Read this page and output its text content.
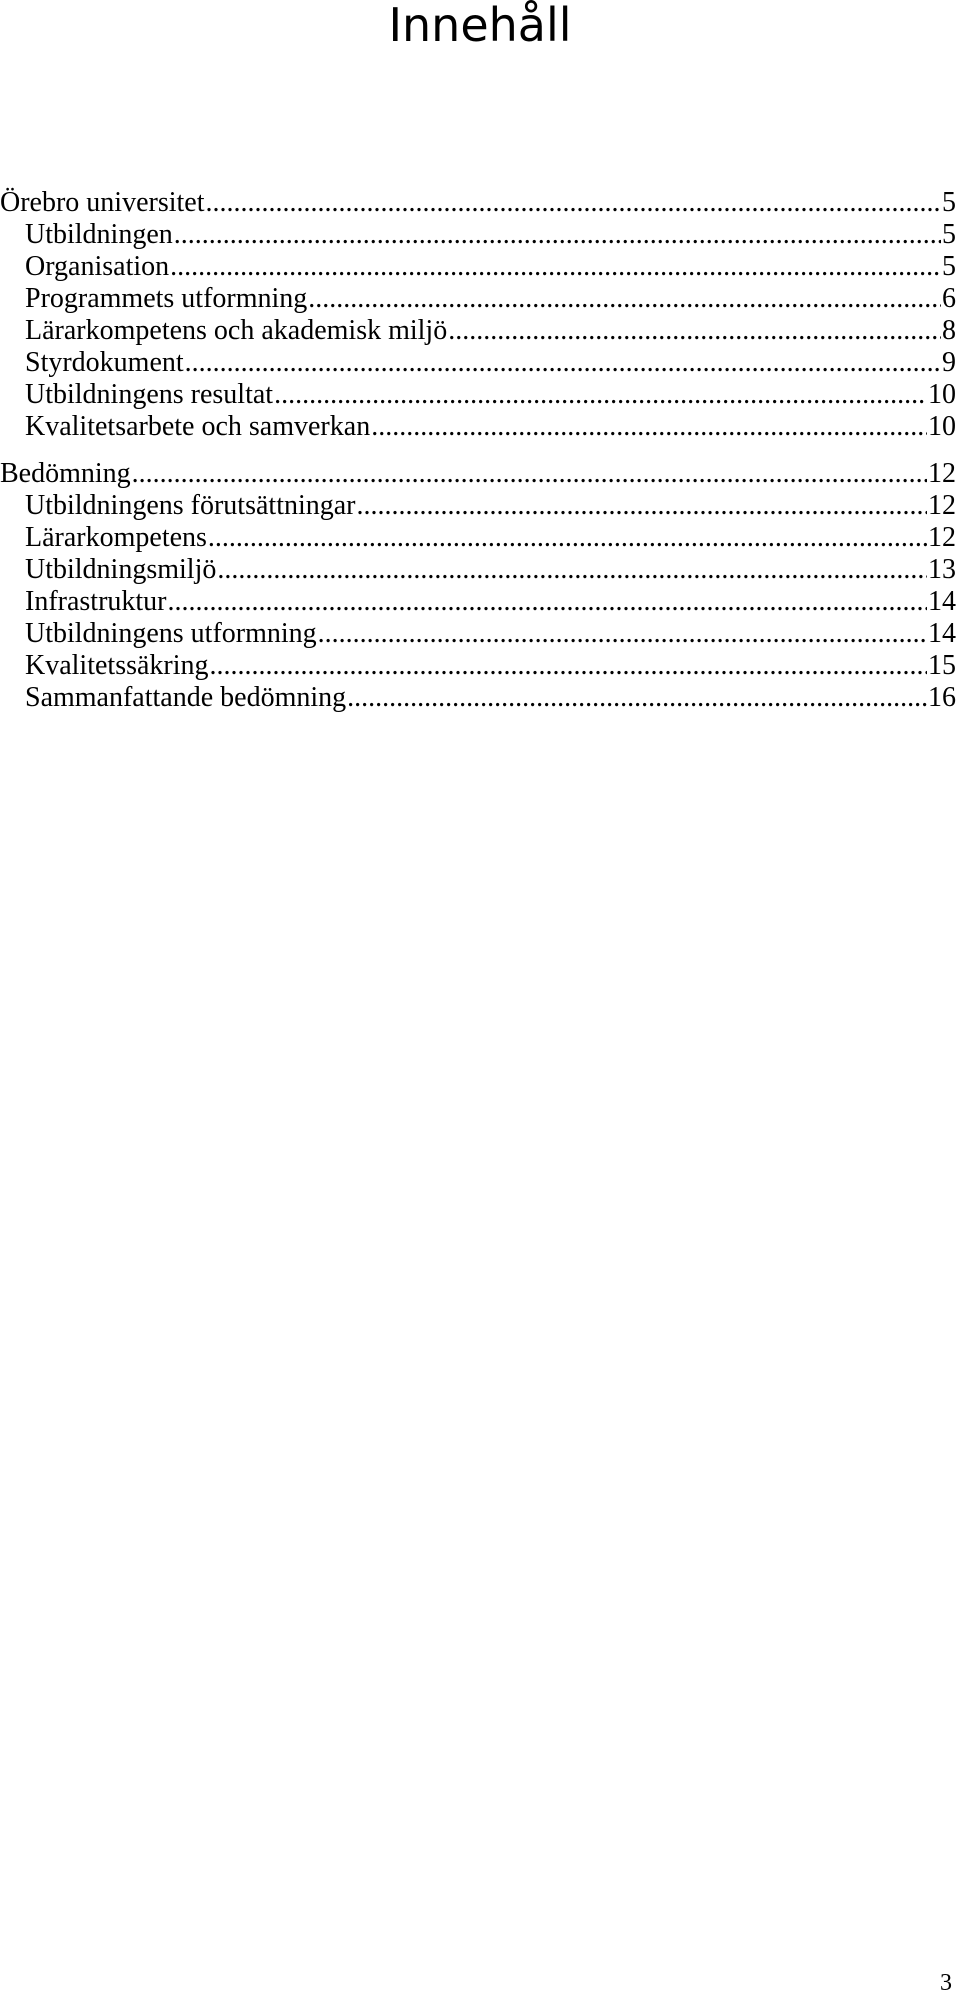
Innehåll
Örebro universitet .....	5
Utbildningen .....	5
Organisation .....	5
Programmets utformning .....	6
Lärarkompetens och akademisk miljö .....	8
Styrdokument .....	9
Utbildningens resultat .....	10
Kvalitetsarbete och samverkan .....	10
Bedömning .....	12
Utbildningens förutsättningar .....	12
Lärarkompetens .....	12
Utbildningsmiljö .....	13
Infrastruktur .....	14
Utbildningens utformning .....	14
Kvalitetssäkring .....	15
Sammanfattande bedömning .....	16
3
